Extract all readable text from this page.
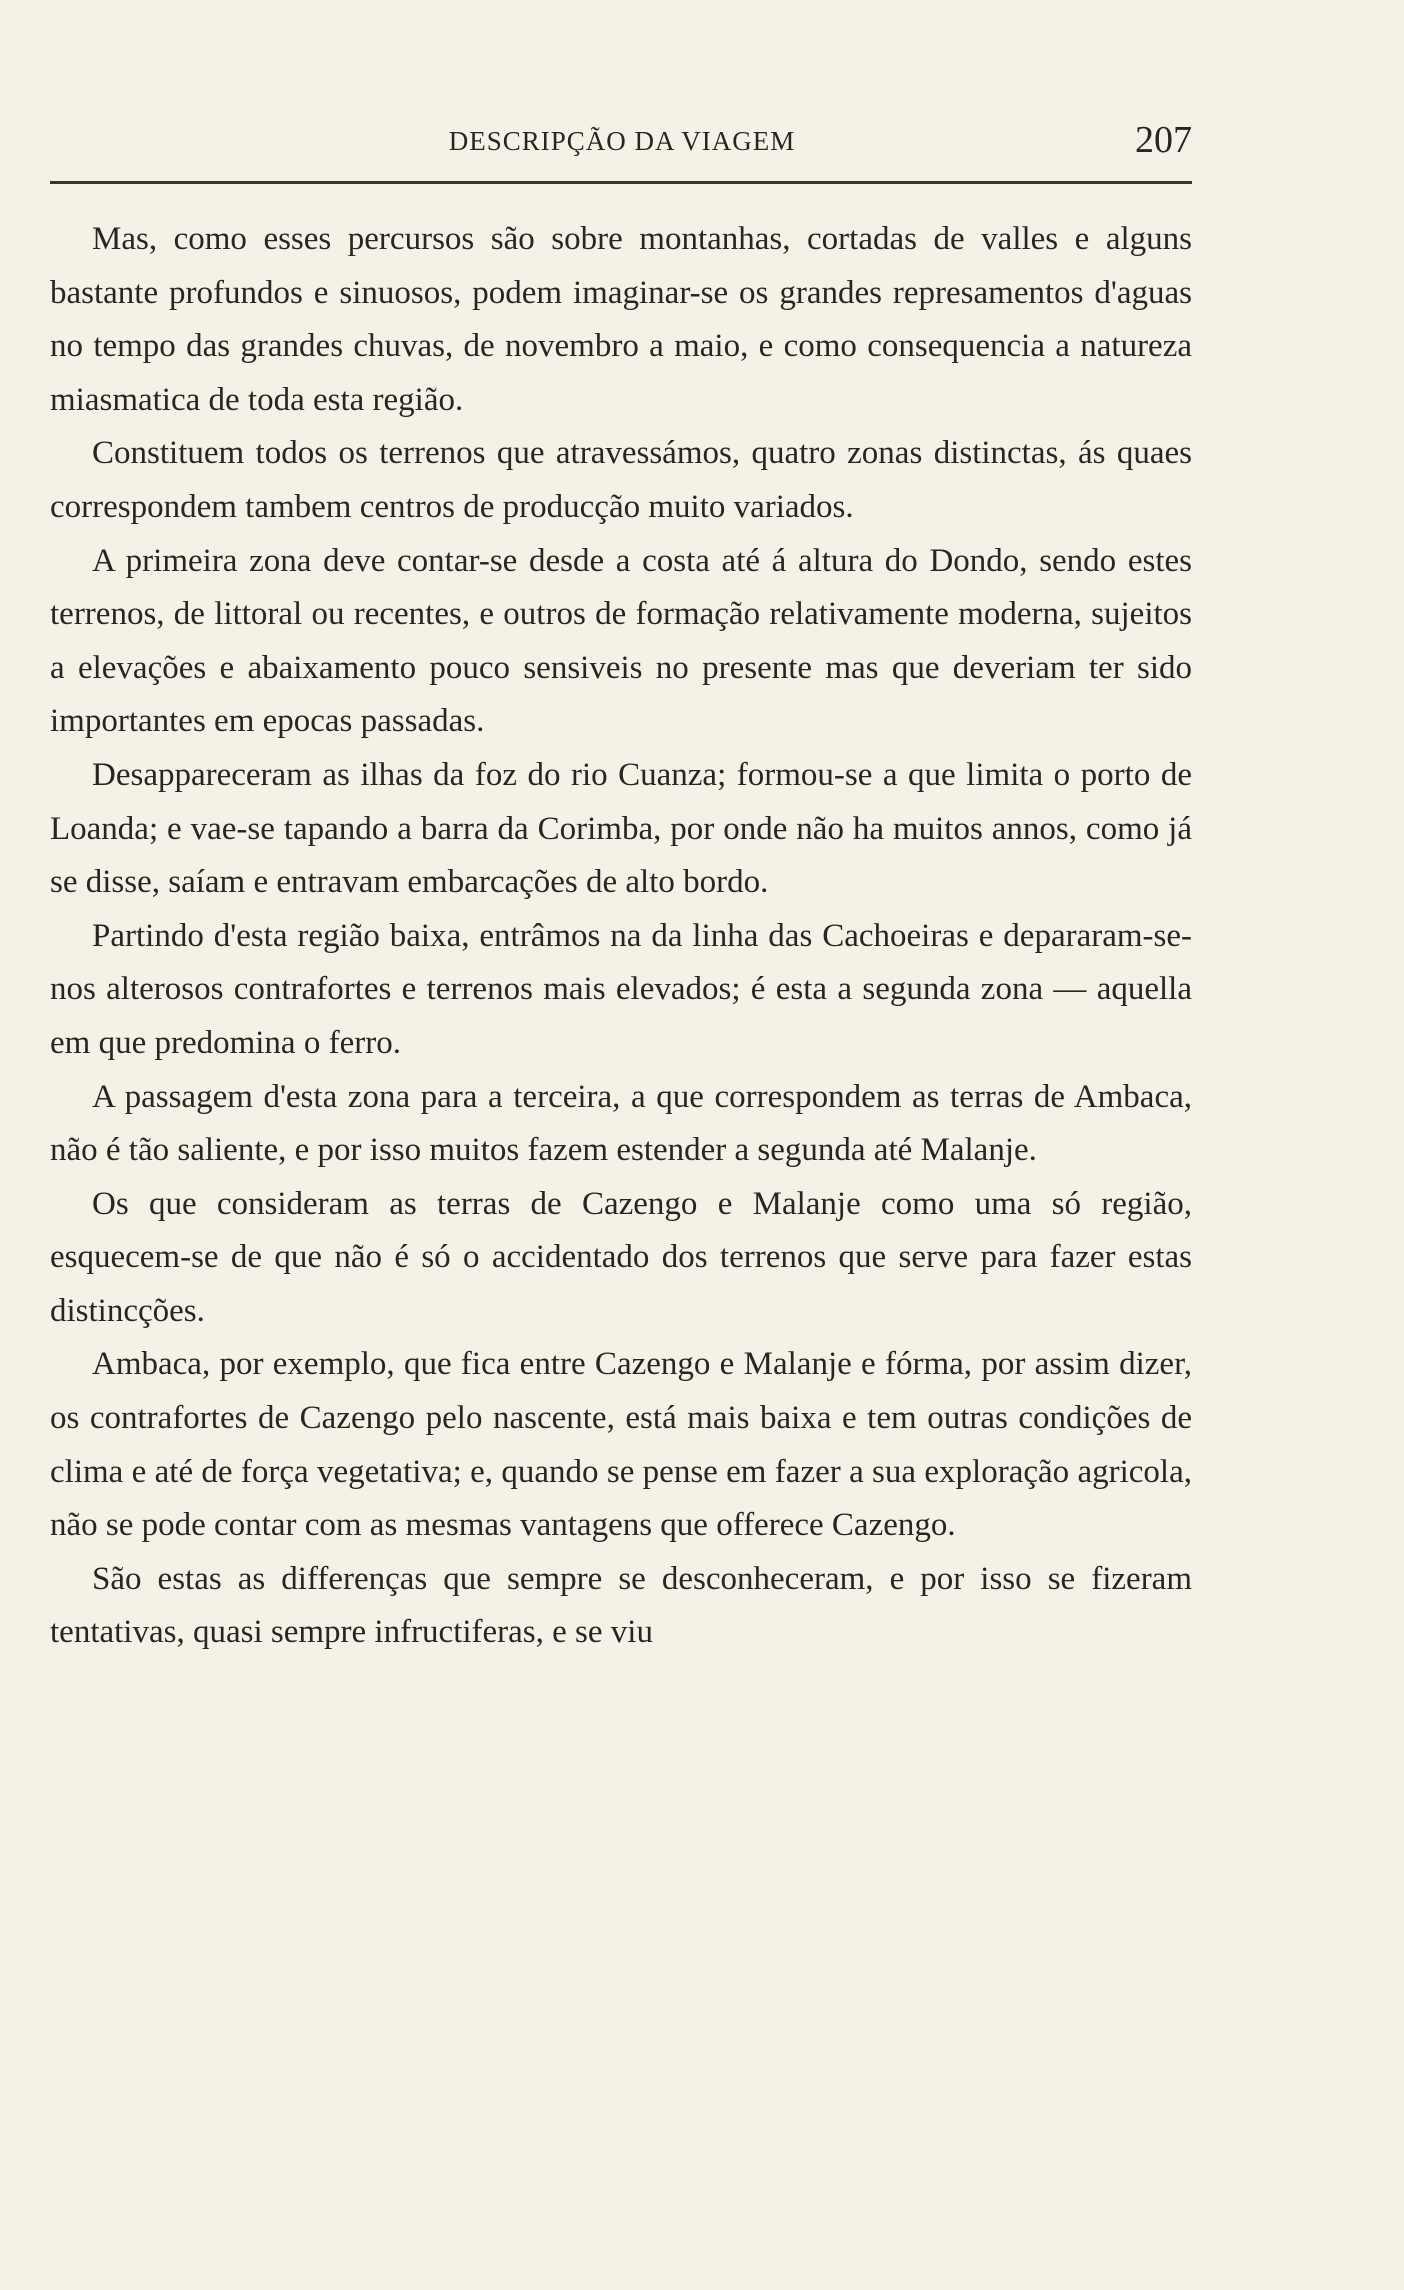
DESCRIPÇÃO DA VIAGEM	207

Mas, como esses percursos são sobre montanhas, cortadas de valles e alguns bastante profundos e sinuosos, podem imaginar-se os grandes represamentos d'aguas no tempo das grandes chuvas, de novembro a maio, e como consequencia a natureza miasmatica de toda esta região.

Constituem todos os terrenos que atravessámos, quatro zonas distinctas, ás quaes correspondem tambem centros de producção muito variados.

A primeira zona deve contar-se desde a costa até á altura do Dondo, sendo estes terrenos, de littoral ou recentes, e outros de formação relativamente moderna, sujeitos a elevações e abaixamento pouco sensiveis no presente mas que deveriam ter sido importantes em epocas passadas.

Desappareceram as ilhas da foz do rio Cuanza; formou-se a que limita o porto de Loanda; e vae-se tapando a barra da Corimba, por onde não ha muitos annos, como já se disse, saíam e entravam embarcações de alto bordo.

Partindo d'esta região baixa, entrâmos na da linha das Cachoeiras e depararam-se-nos alterosos contrafortes e terrenos mais elevados; é esta a segunda zona — aquella em que predomina o ferro.

A passagem d'esta zona para a terceira, a que correspondem as terras de Ambaca, não é tão saliente, e por isso muitos fazem estender a segunda até Malanje.

Os que consideram as terras de Cazengo e Malanje como uma só região, esquecem-se de que não é só o accidentado dos terrenos que serve para fazer estas distincções.

Ambaca, por exemplo, que fica entre Cazengo e Malanje e fórma, por assim dizer, os contrafortes de Cazengo pelo nascente, está mais baixa e tem outras condições de clima e até de força vegetativa; e, quando se pense em fazer a sua exploração agricola, não se pode contar com as mesmas vantagens que offerece Cazengo.

São estas as differenças que sempre se desconheceram, e por isso se fizeram tentativas, quasi sempre infructiferas, e se viu
